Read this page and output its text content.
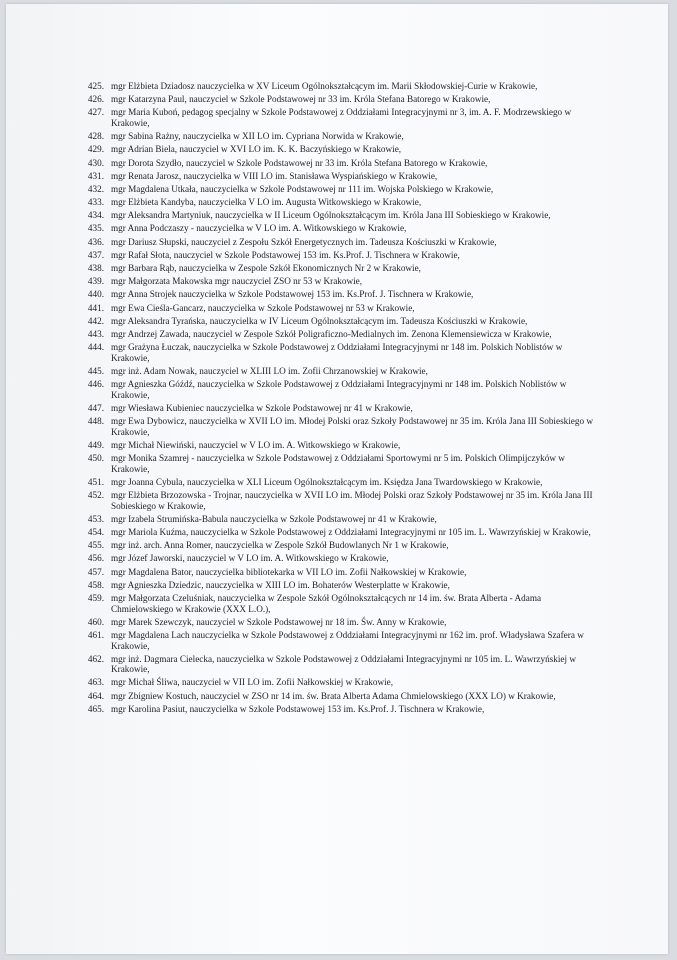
425. mgr Elżbieta Dziadosz nauczycielka w XV Liceum Ogólnokształcącym im. Marii Skłodowskiej-Curie w Krakowie,
426. mgr Katarzyna Paul, nauczyciel w Szkole Podstawowej nr 33 im. Króla Stefana Batorego w Krakowie,
427. mgr Maria Kuboń, pedagog specjalny w Szkole Podstawowej z Oddziałami Integracyjnymi nr 3, im. A. F. Modrzewskiego w Krakowie,
428. mgr Sabina Rażny, nauczycielka w XII LO im. Cypriana Norwida w Krakowie,
429. mgr Adrian Biela, nauczyciel w XVI LO im. K. K. Baczyńskiego w Krakowie,
430. mgr Dorota Szydło, nauczyciel w Szkole Podstawowej nr 33 im. Króla Stefana Batorego w Krakowie,
431. mgr Renata Jarosz, nauczycielka w VIII LO im. Stanisława Wyspiańskiego w Krakowie,
432. mgr Magdalena Utkała, nauczycielka w Szkole Podstawowej nr 111 im. Wojska Polskiego w Krakowie,
433. mgr Elżbieta Kandyba, nauczycielka V LO im. Augusta Witkowskiego w Krakowie,
434. mgr Aleksandra Martyniuk, nauczycielka w II Liceum Ogólnokształcącym im. Króla Jana III Sobieskiego w Krakowie,
435. mgr Anna Podczaszy - nauczycielka w V LO im. A. Witkowskiego w Krakowie,
436. mgr Dariusz Słupski, nauczyciel z Zespołu Szkół Energetycznych im. Tadeusza Kościuszki w Krakowie,
437. mgr Rafał Słota, nauczyciel w Szkole Podstawowej 153 im. Ks.Prof. J. Tischnera w Krakowie,
438. mgr Barbara Rąb, nauczycielka w Zespole Szkół Ekonomicznych Nr 2 w Krakowie,
439. mgr Małgorzata Makowska mgr nauczyciel ZSO nr 53 w Krakowie,
440. mgr Anna Strojek nauczycielka w Szkole Podstawowej 153 im. Ks.Prof. J. Tischnera w Krakowie,
441. mgr Ewa Cieśla-Gancarz, nauczycielka w Szkole Podstawowej nr 53 w Krakowie,
442. mgr Aleksandra Tyrańska, nauczycielka w IV Liceum Ogólnokształcącym im. Tadeusza Kościuszki w Krakowie,
443. mgr Andrzej Zawada, nauczyciel w Zespole Szkół Poligraficzno-Medialnych im. Zenona Klemensiewicza w Krakowie,
444. mgr Grażyna Łuczak, nauczycielka w Szkole Podstawowej z Oddziałami Integracyjnymi nr 148 im. Polskich Noblistów w Krakowie,
445. mgr inż. Adam Nowak, nauczyciel w XLIII LO im. Zofii Chrzanowskiej w Krakowie,
446. mgr Agnieszka Góźdź, nauczycielka w Szkole Podstawowej z Oddziałami Integracyjnymi nr 148 im. Polskich Noblistów w Krakowie,
447. mgr Wiesława Kubieniec nauczycielka w Szkole Podstawowej nr 41 w Krakowie,
448. mgr Ewa Dybowicz, nauczycielka w XVII LO im. Młodej Polski oraz Szkoły Podstawowej nr 35 im. Króla Jana III Sobieskiego w Krakowie,
449. mgr Michał Niewiński, nauczyciel w V LO im. A. Witkowskiego w Krakowie,
450. mgr Monika Szamrej - nauczycielka w Szkole Podstawowej z Oddziałami Sportowymi nr 5 im. Polskich Olimpijczyków w Krakowie,
451. mgr Joanna Cybula, nauczycielka w XLI Liceum Ogólnokształcącym im. Księdza Jana Twardowskiego w Krakowie,
452. mgr Elżbieta Brzozowska - Trojnar, nauczycielka w XVII LO im. Młodej Polski oraz Szkoły Podstawowej nr 35 im. Króla Jana III Sobieskiego w Krakowie,
453. mgr Izabela Strumińska-Babula nauczycielka w Szkole Podstawowej nr 41 w Krakowie,
454. mgr Mariola Kuźma, nauczycielka w Szkole Podstawowej z Oddziałami Integracyjnymi nr 105 im. L. Wawrzyńskiej w Krakowie,
455. mgr inż. arch. Anna Romer, nauczycielka w Zespole Szkół Budowlanych Nr 1 w Krakowie,
456. mgr Józef Jaworski, nauczyciel w V LO im. A. Witkowskiego w Krakowie,
457. mgr Magdalena Bator, nauczycielka bibliotekarka w VII LO im. Zofii Nałkowskiej w Krakowie,
458. mgr Agnieszka Dziedzic, nauczycielka w XIII LO im. Bohaterów Westerplatte w Krakowie,
459. mgr Małgorzata Czeluśniak, nauczycielka w Zespole Szkół Ogólnokształcących nr 14 im. św. Brata Alberta - Adama Chmielowskiego w Krakowie (XXX L.O.),
460. mgr Marek Szewczyk, nauczyciel w Szkole Podstawowej nr 18 im. Św. Anny w Krakowie,
461. mgr Magdalena Lach nauczycielka w Szkole Podstawowej z Oddziałami Integracyjnymi nr 162 im. prof. Władysława Szafera w Krakowie,
462. mgr inż. Dagmara Cielecka, nauczycielka w Szkole Podstawowej z Oddziałami Integracyjnymi nr 105 im. L. Wawrzyńskiej w Krakowie,
463. mgr Michał Śliwa, nauczyciel w VII LO im. Zofii Nałkowskiej w Krakowie,
464. mgr Zbigniew Kostuch, nauczyciel w ZSO nr 14 im. św. Brata Alberta Adama Chmielowskiego (XXX LO) w Krakowie,
465. mgr Karolina Pasiut, nauczycielka w Szkole Podstawowej 153 im. Ks.Prof. J. Tischnera w Krakowie,
